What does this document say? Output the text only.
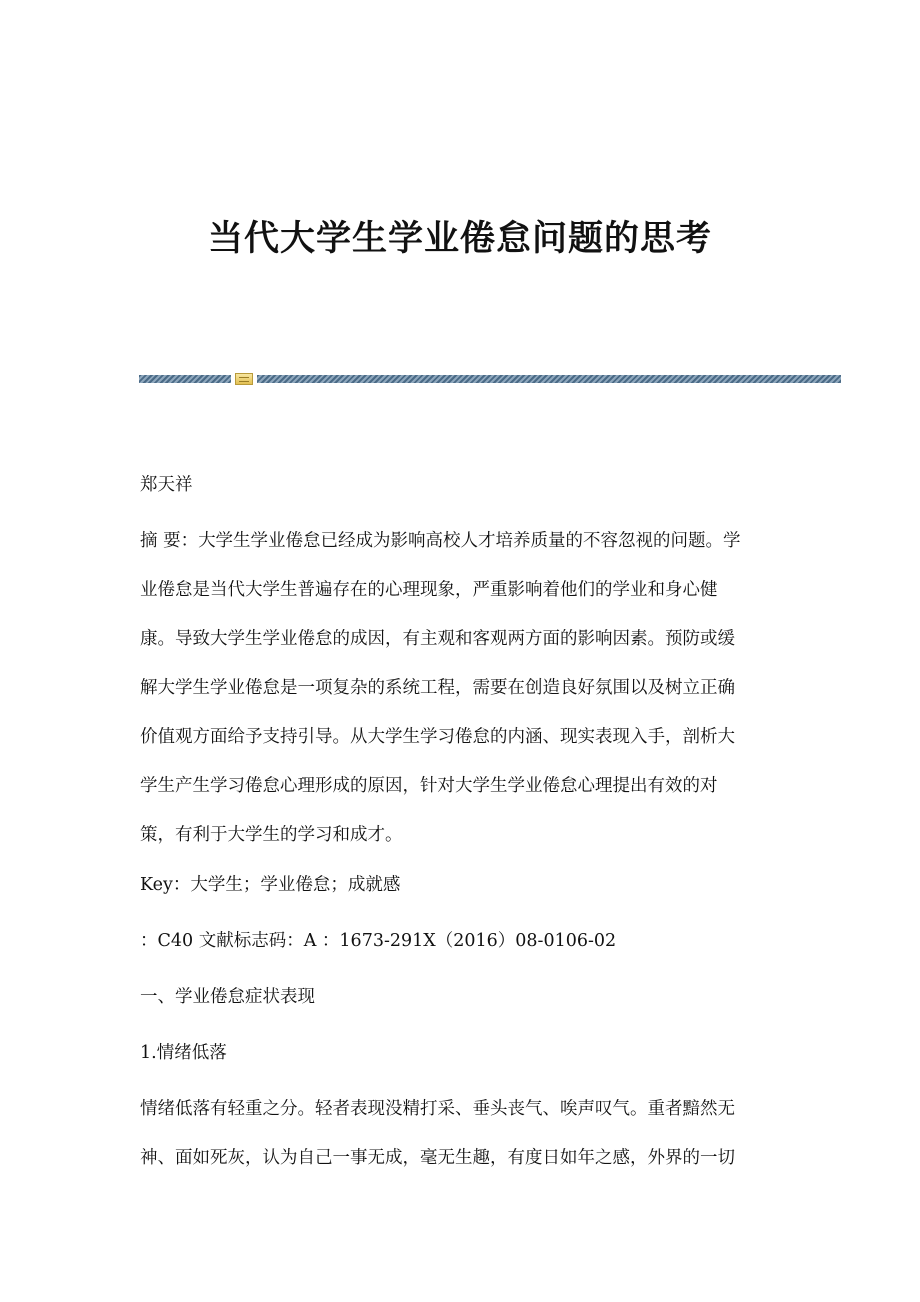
当代大学生学业倦怠问题的思考

郑天祥

摘 要：大学生学业倦怠已经成为影响高校人才培养质量的不容忽视的问题。学
业倦怠是当代大学生普遍存在的心理现象，严重影响着他们的学业和身心健
康。导致大学生学业倦怠的成因，有主观和客观两方面的影响因素。预防或缓
解大学生学业倦怠是一项复杂的系统工程，需要在创造良好氛围以及树立正确
价值观方面给予支持引导。从大学生学习倦怠的内涵、现实表现入手，剖析大
学生产生学习倦怠心理形成的原因，针对大学生学业倦怠心理提出有效的对
策，有利于大学生的学习和成才。

Key：大学生；学业倦怠；成就感

：C40 文献标志码：A ：1673-291X（2016）08-0106-02

一、学业倦怠症状表现

1.情绪低落

情绪低落有轻重之分。轻者表现没精打采、垂头丧气、唉声叹气。重者黯然无
神、面如死灰，认为自己一事无成，毫无生趣，有度日如年之感，外界的一切
